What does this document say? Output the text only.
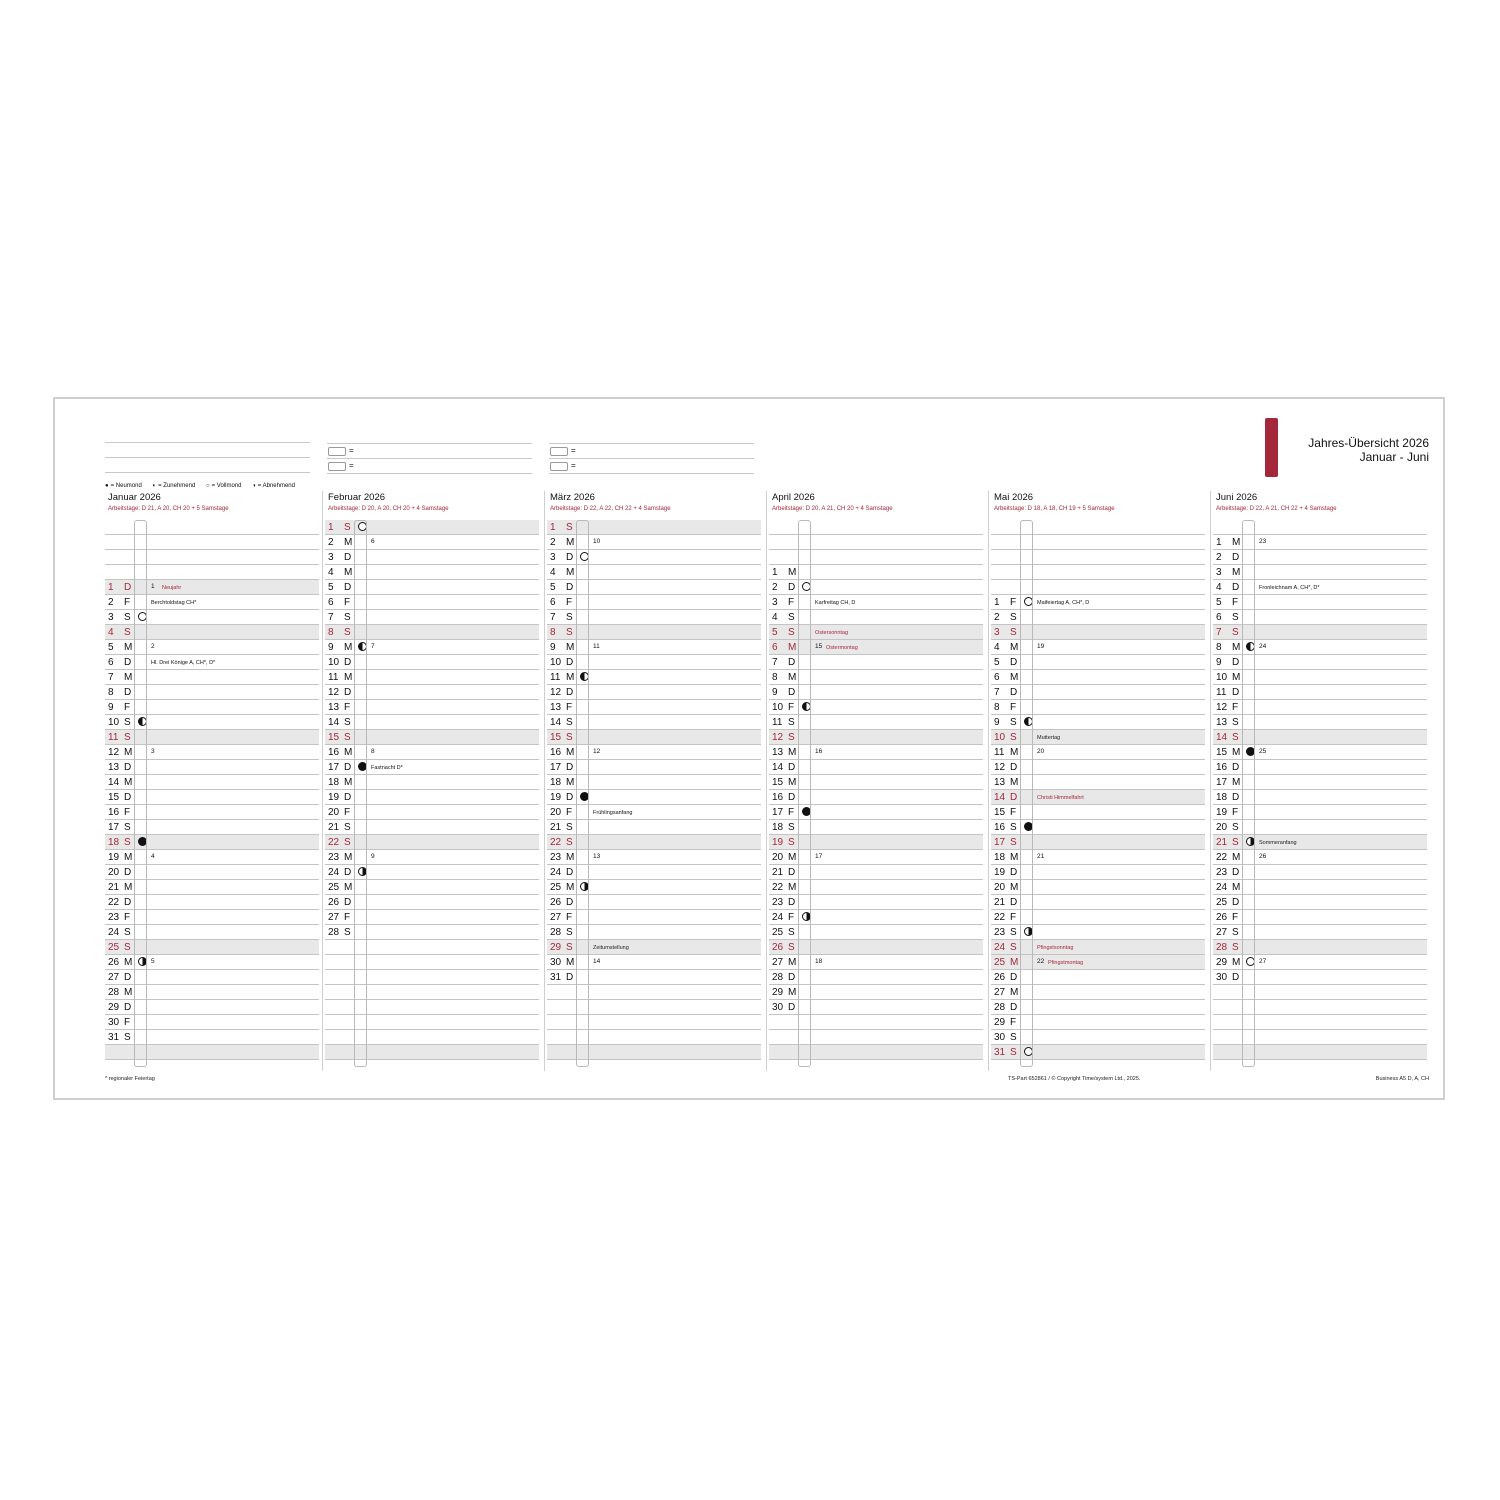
=
=
=
=
● = Neumond ◐ = Zunehmend ○ = Vollmond ◑ = Abnehmend
Jahres-Übersicht 2026
Januar - Juni
Januar 2026
Arbeitstage: D 21, A 20, CH 20 + 5 Samstage
1	D	1 Neujahr
2	F	Berchtoldstag CH*
3	S
4	S
5	M	2
6	D	Hl. Drei Könige A, CH*, D*
7	M
8	D
9	F
10 S
11 S
12 M	3
13 D
14 M
15 D
16 F
17 S
18 S
19 M	4
20 D
21 M
22 D
23 F
24 S
25 S
26 M	5
27 D
28 M
29 D
30 F
31 S
Februar 2026
Arbeitstage: D 20, A 20, CH 20 + 4 Samstage
1	S
2	M	6
3	D
4	M
5	D
6	F
7	S
8	S
9	M	7
10 D
11 M
12 D
13 F
14 S
15 S
16 M	8
17 D	Fastnacht D*
18 M
19 D
20 F
21 S
22 S
23 M	9
24 D
25 M
26 D
27 F
28 S
März 2026
Arbeitstage: D 22, A 22, CH 22 + 4 Samstage
1	S
2	M	10
3	D
4	M
5	D
6	F
7	S
8	S
9	M	11
10 D
11 M
12 D
13 F
14 S
15 S
16 M	12
17 D
18 M
19 D
20 F	Frühlingsanfang
21 S
22 S
23 M	13
24 D
25 M
26 D
27 F
28 S
29 S	Zeitumstellung
30 M	14
31 D
April 2026
Arbeitstage: D 20, A 21, CH 20 + 4 Samstage
1	M
2	D
3	F	Karfreitag CH, D
4	S
5	S	Ostersonntag
6	M	15 Ostermontag
7	D
8	M
9	D
10 F
11 S
12 S
13 M	16
14 D
15 M
16 D
17 F
18 S
19 S
20 M	17
21 D
22 M
23 D
24 F
25 S
26 S
27 M	18
28 D
29 M
30 D
Mai 2026
Arbeitstage: D 18, A 18, CH 19 + 5 Samstage
1	F	Maifeiertag A, CH*, D
2	S
3	S
4	M	19
5	D
6	M
7	D
8	F
9	S
10 S	Muttertag
11 M	20
12 D
13 M
14 D	Christi Himmelfahrt
15 F
16 S
17 S
18 M	21
19 D
20 M
21 D
22 F
23 S
24 S	Pfingstsonntag
25 M	22 Pfingstmontag
26 D
27 M
28 D
29 F
30 S
31 S
Juni 2026
Arbeitstage: D 22, A 21, CH 22 + 4 Samstage
1	M	23
2	D
3	M
4	D	Fronleichnam A, CH*, D*
5	F
6	S
7	S
8	M	24
9	D
10 M
11 D
12 F
13 S
14 S
15 M	25
16 D
17 M
18 D
19 F
20 S
21 S	Sommeranfang
22 M	26
23 D
24 M
25 D
26 F
27 S
28 S
29 M	27
30 D
* regionaler Feiertag	TS-Part 652861 / © Copyright Time/system Ltd., 2025.	Business A5 D, A, CH
